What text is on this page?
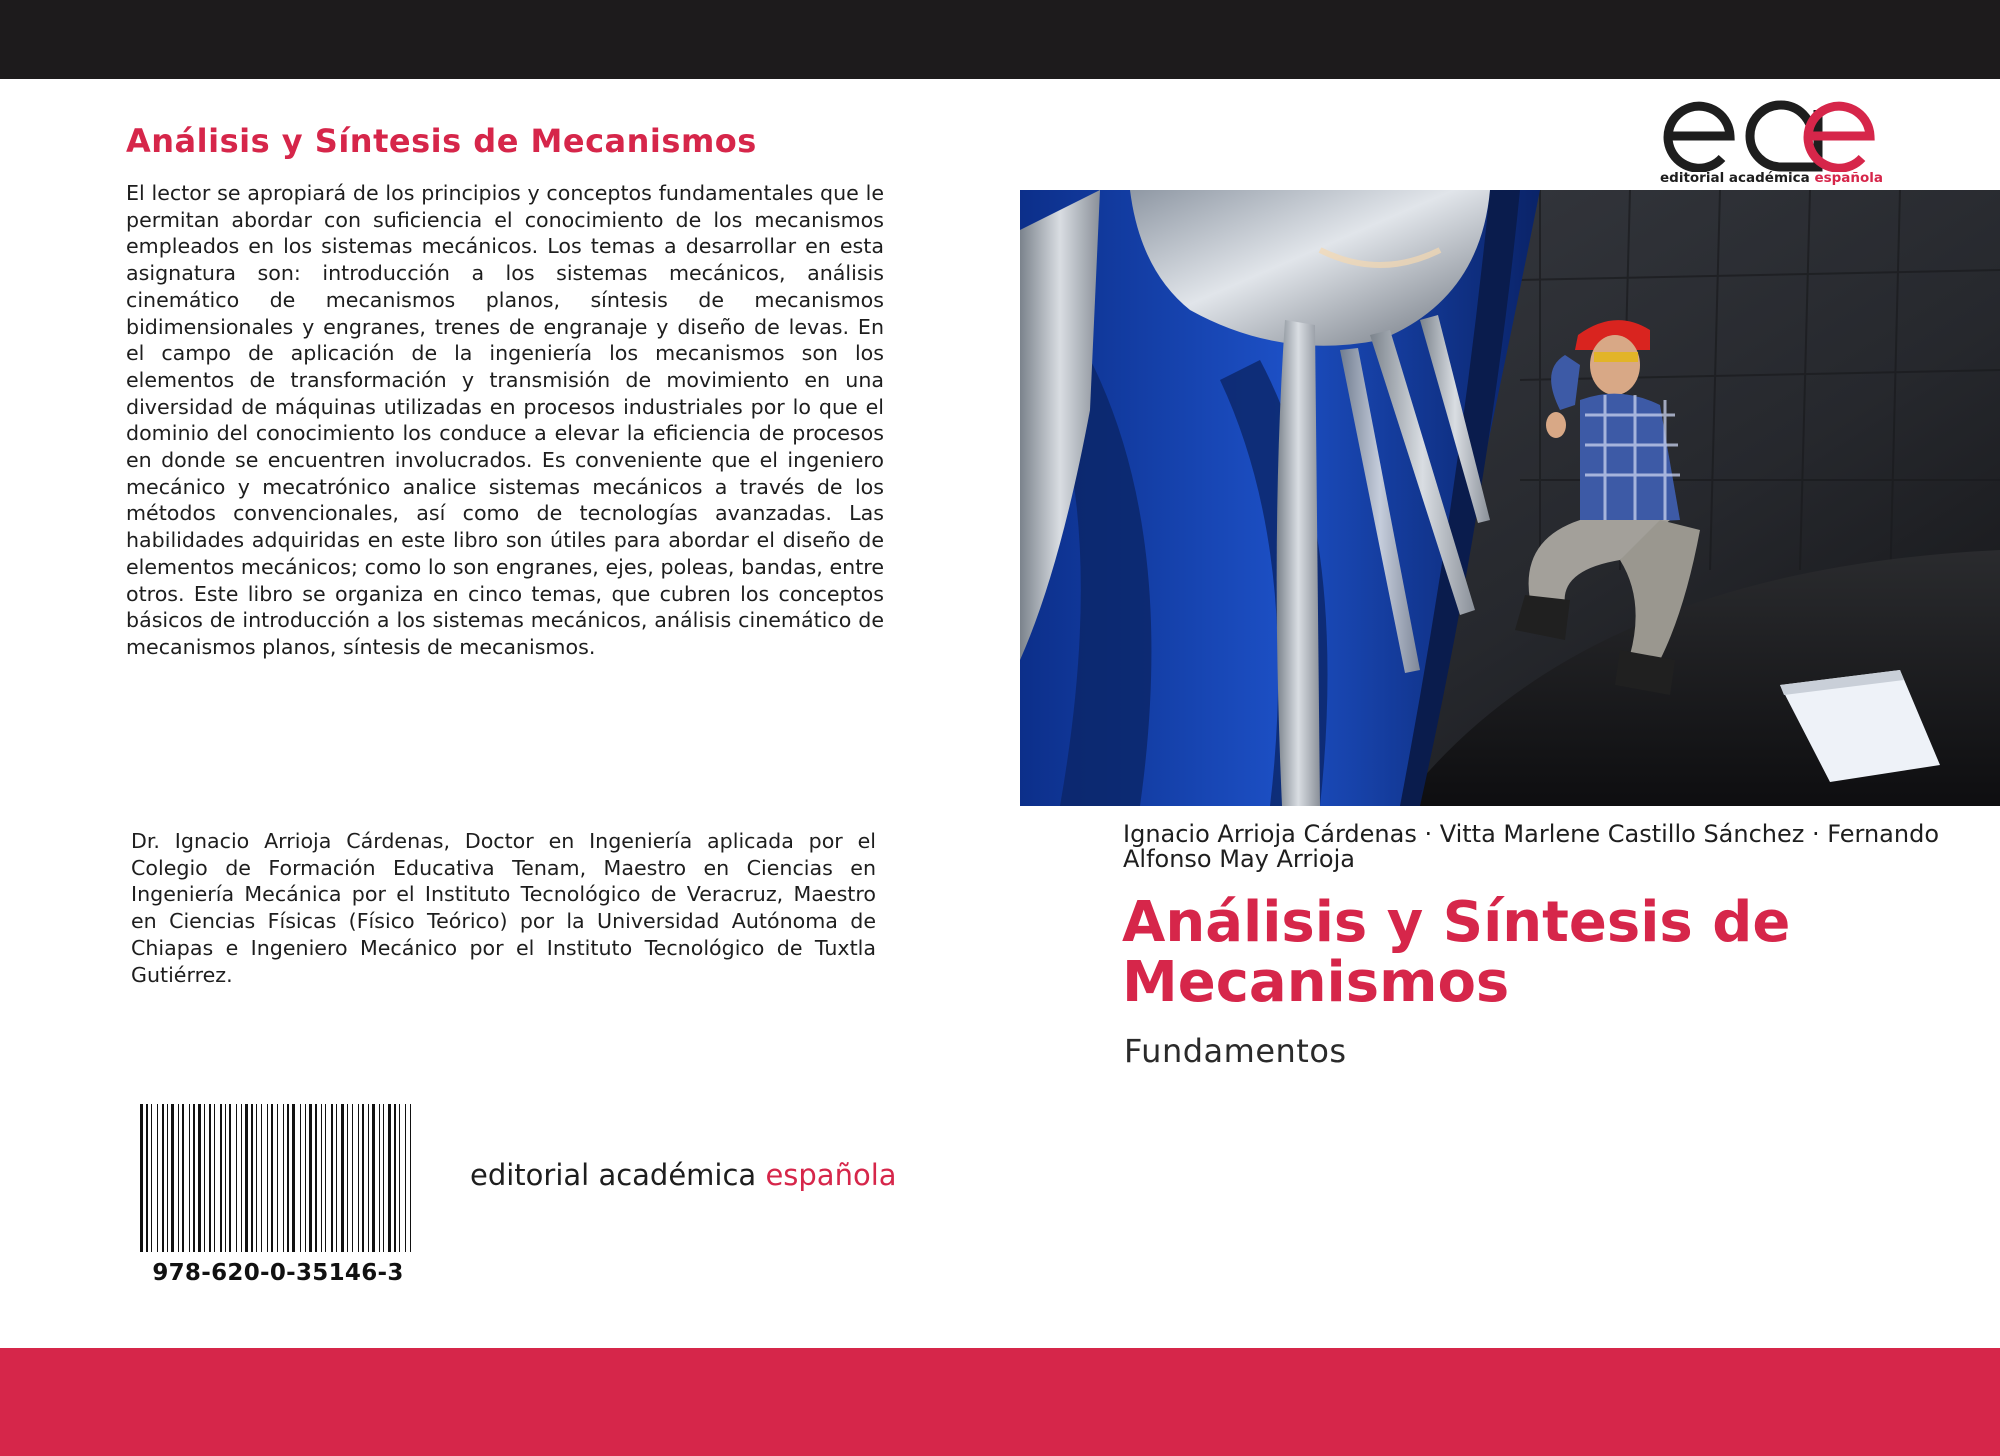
Análisis y Síntesis de Mecanismos

El lector se apropiará de los principios y conceptos fundamentales que le permitan abordar con suficiencia el conocimiento de los mecanismos empleados en los sistemas mecánicos. Los temas a desarrollar en esta asignatura son: introducción a los sistemas mecánicos, análisis cinemático de mecanismos planos, síntesis de mecanismos bidimensionales y engranes, trenes de engranaje y diseño de levas. En el campo de aplicación de la ingeniería los mecanismos son los elementos de transformación y transmisión de movimiento en una diversidad de máquinas utilizadas en procesos industriales por lo que el dominio del conocimiento los conduce a elevar la eficiencia de procesos en donde se encuentren involucrados. Es conveniente que el ingeniero mecánico y mecatrónico analice sistemas mecánicos a través de los métodos convencionales, así como de tecnologías avanzadas. Las habilidades adquiridas en este libro son útiles para abordar el diseño de elementos mecánicos; como lo son engranes, ejes, poleas, bandas, entre otros. Este libro se organiza en cinco temas, que cubren los conceptos básicos de introducción a los sistemas mecánicos, análisis cinemático de mecanismos planos, síntesis de mecanismos.

Dr. Ignacio Arrioja Cárdenas, Doctor en Ingeniería aplicada por el Colegio de Formación Educativa Tenam, Maestro en Ciencias en Ingeniería Mecánica por el Instituto Tecnológico de Veracruz, Maestro en Ciencias Físicas (Físico Teórico) por la Universidad Autónoma de Chiapas e Ingeniero Mecánico por el Instituto Tecnológico de Tuxtla Gutiérrez.

978-620-0-35146-3
editorial académica española
editorial académica española
Ignacio Arrioja Cárdenas · Vitta Marlene Castillo Sánchez · Fernando Alfonso May Arrioja
Análisis y Síntesis de Mecanismos
Fundamentos
